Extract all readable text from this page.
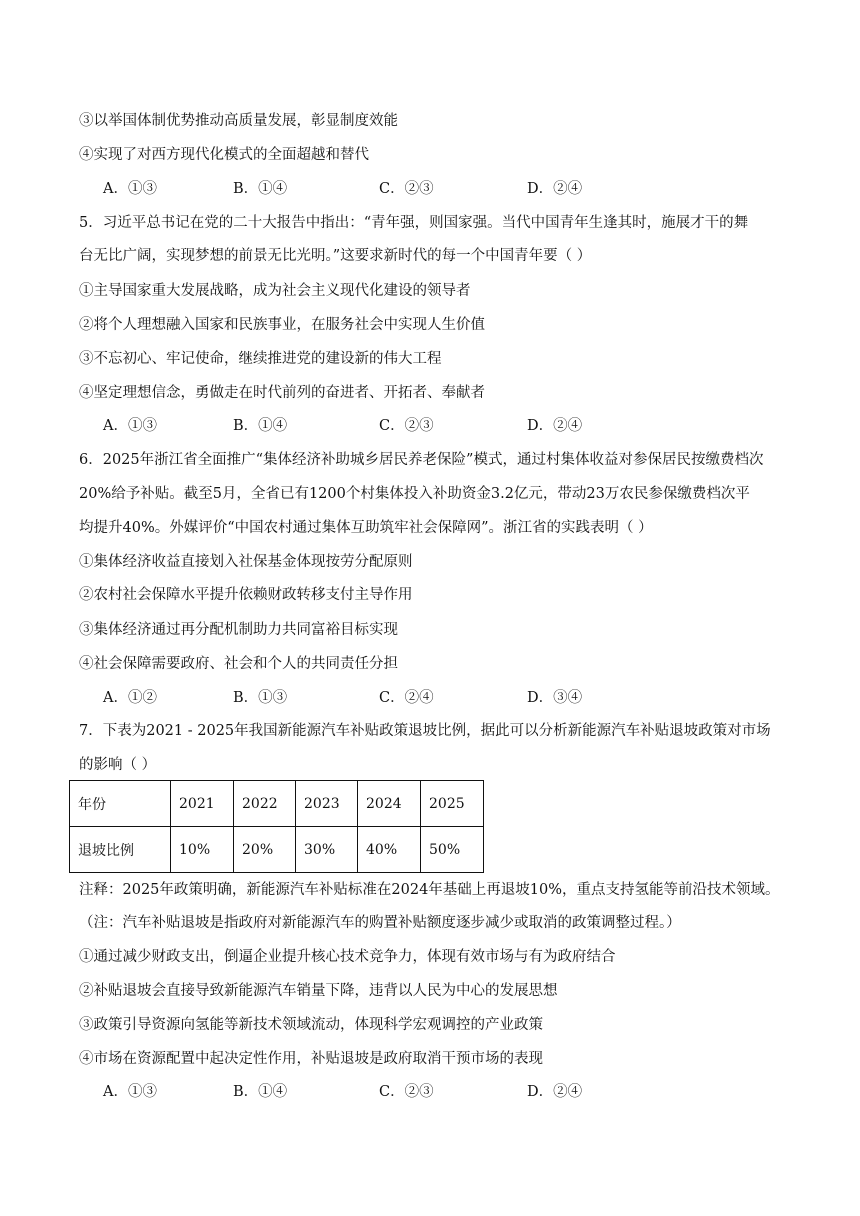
③以举国体制优势推动高质量发展，彰显制度效能
④实现了对西方现代化模式的全面超越和替代
A．①③	B．①④	C．②③	D．②④
5．习近平总书记在党的二十大报告中指出：“青年强，则国家强。当代中国青年生逢其时，施展才干的舞
台无比广阔，实现梦想的前景无比光明。”这要求新时代的每一个中国青年要（ ）
①主导国家重大发展战略，成为社会主义现代化建设的领导者
②将个人理想融入国家和民族事业，在服务社会中实现人生价值
③不忘初心、牢记使命，继续推进党的建设新的伟大工程
④坚定理想信念，勇做走在时代前列的奋进者、开拓者、奉献者
A．①③	B．①④	C．②③	D．②④
6．2025年浙江省全面推广“集体经济补助城乡居民养老保险”模式，通过村集体收益对参保居民按缴费档次
20%给予补贴。截至5月，全省已有1200个村集体投入补助资金3.2亿元，带动23万农民参保缴费档次平
均提升40%。外媒评价“中国农村通过集体互助筑牢社会保障网”。浙江省的实践表明（ ）
①集体经济收益直接划入社保基金体现按劳分配原则
②农村社会保障水平提升依赖财政转移支付主导作用
③集体经济通过再分配机制助力共同富裕目标实现
④社会保障需要政府、社会和个人的共同责任分担
A．①②	B．①③	C．②④	D．③④
7．下表为2021 - 2025年我国新能源汽车补贴政策退坡比例，据此可以分析新能源汽车补贴退坡政策对市场
的影响（ ）
年份	2021	2022	2023	2024	2025
退坡比例	10%	20%	30%	40%	50%
注释：2025年政策明确，新能源汽车补贴标准在2024年基础上再退坡10%，重点支持氢能等前沿技术领域。
（注：汽车补贴退坡是指政府对新能源汽车的购置补贴额度逐步减少或取消的政策调整过程。）
①通过减少财政支出，倒逼企业提升核心技术竞争力，体现有效市场与有为政府结合
②补贴退坡会直接导致新能源汽车销量下降，违背以人民为中心的发展思想
③政策引导资源向氢能等新技术领域流动，体现科学宏观调控的产业政策
④市场在资源配置中起决定性作用，补贴退坡是政府取消干预市场的表现
A．①③	B．①④	C．②③	D．②④
